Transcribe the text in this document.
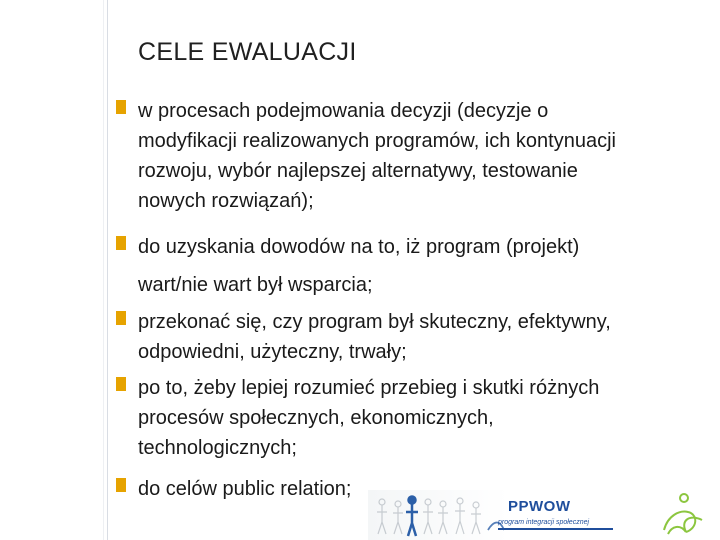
CELE EWALUACJI
w procesach podejmowania decyzji (decyzje o
modyfikacji realizowanych programów, ich kontynuacji
rozwoju, wybór najlepszej alternatywy, testowanie
nowych rozwiązań);
do uzyskania dowodów na to, iż program (projekt)
wart/nie wart był wsparcia;
przekonać się, czy program był skuteczny, efektywny,
odpowiedni, użyteczny, trwały;
po to, żeby lepiej rozumieć przebieg i skutki różnych
procesów społecznych, ekonomicznych,
technologicznych;
do celów public relation;
PPWOW
program integracji społecznej
